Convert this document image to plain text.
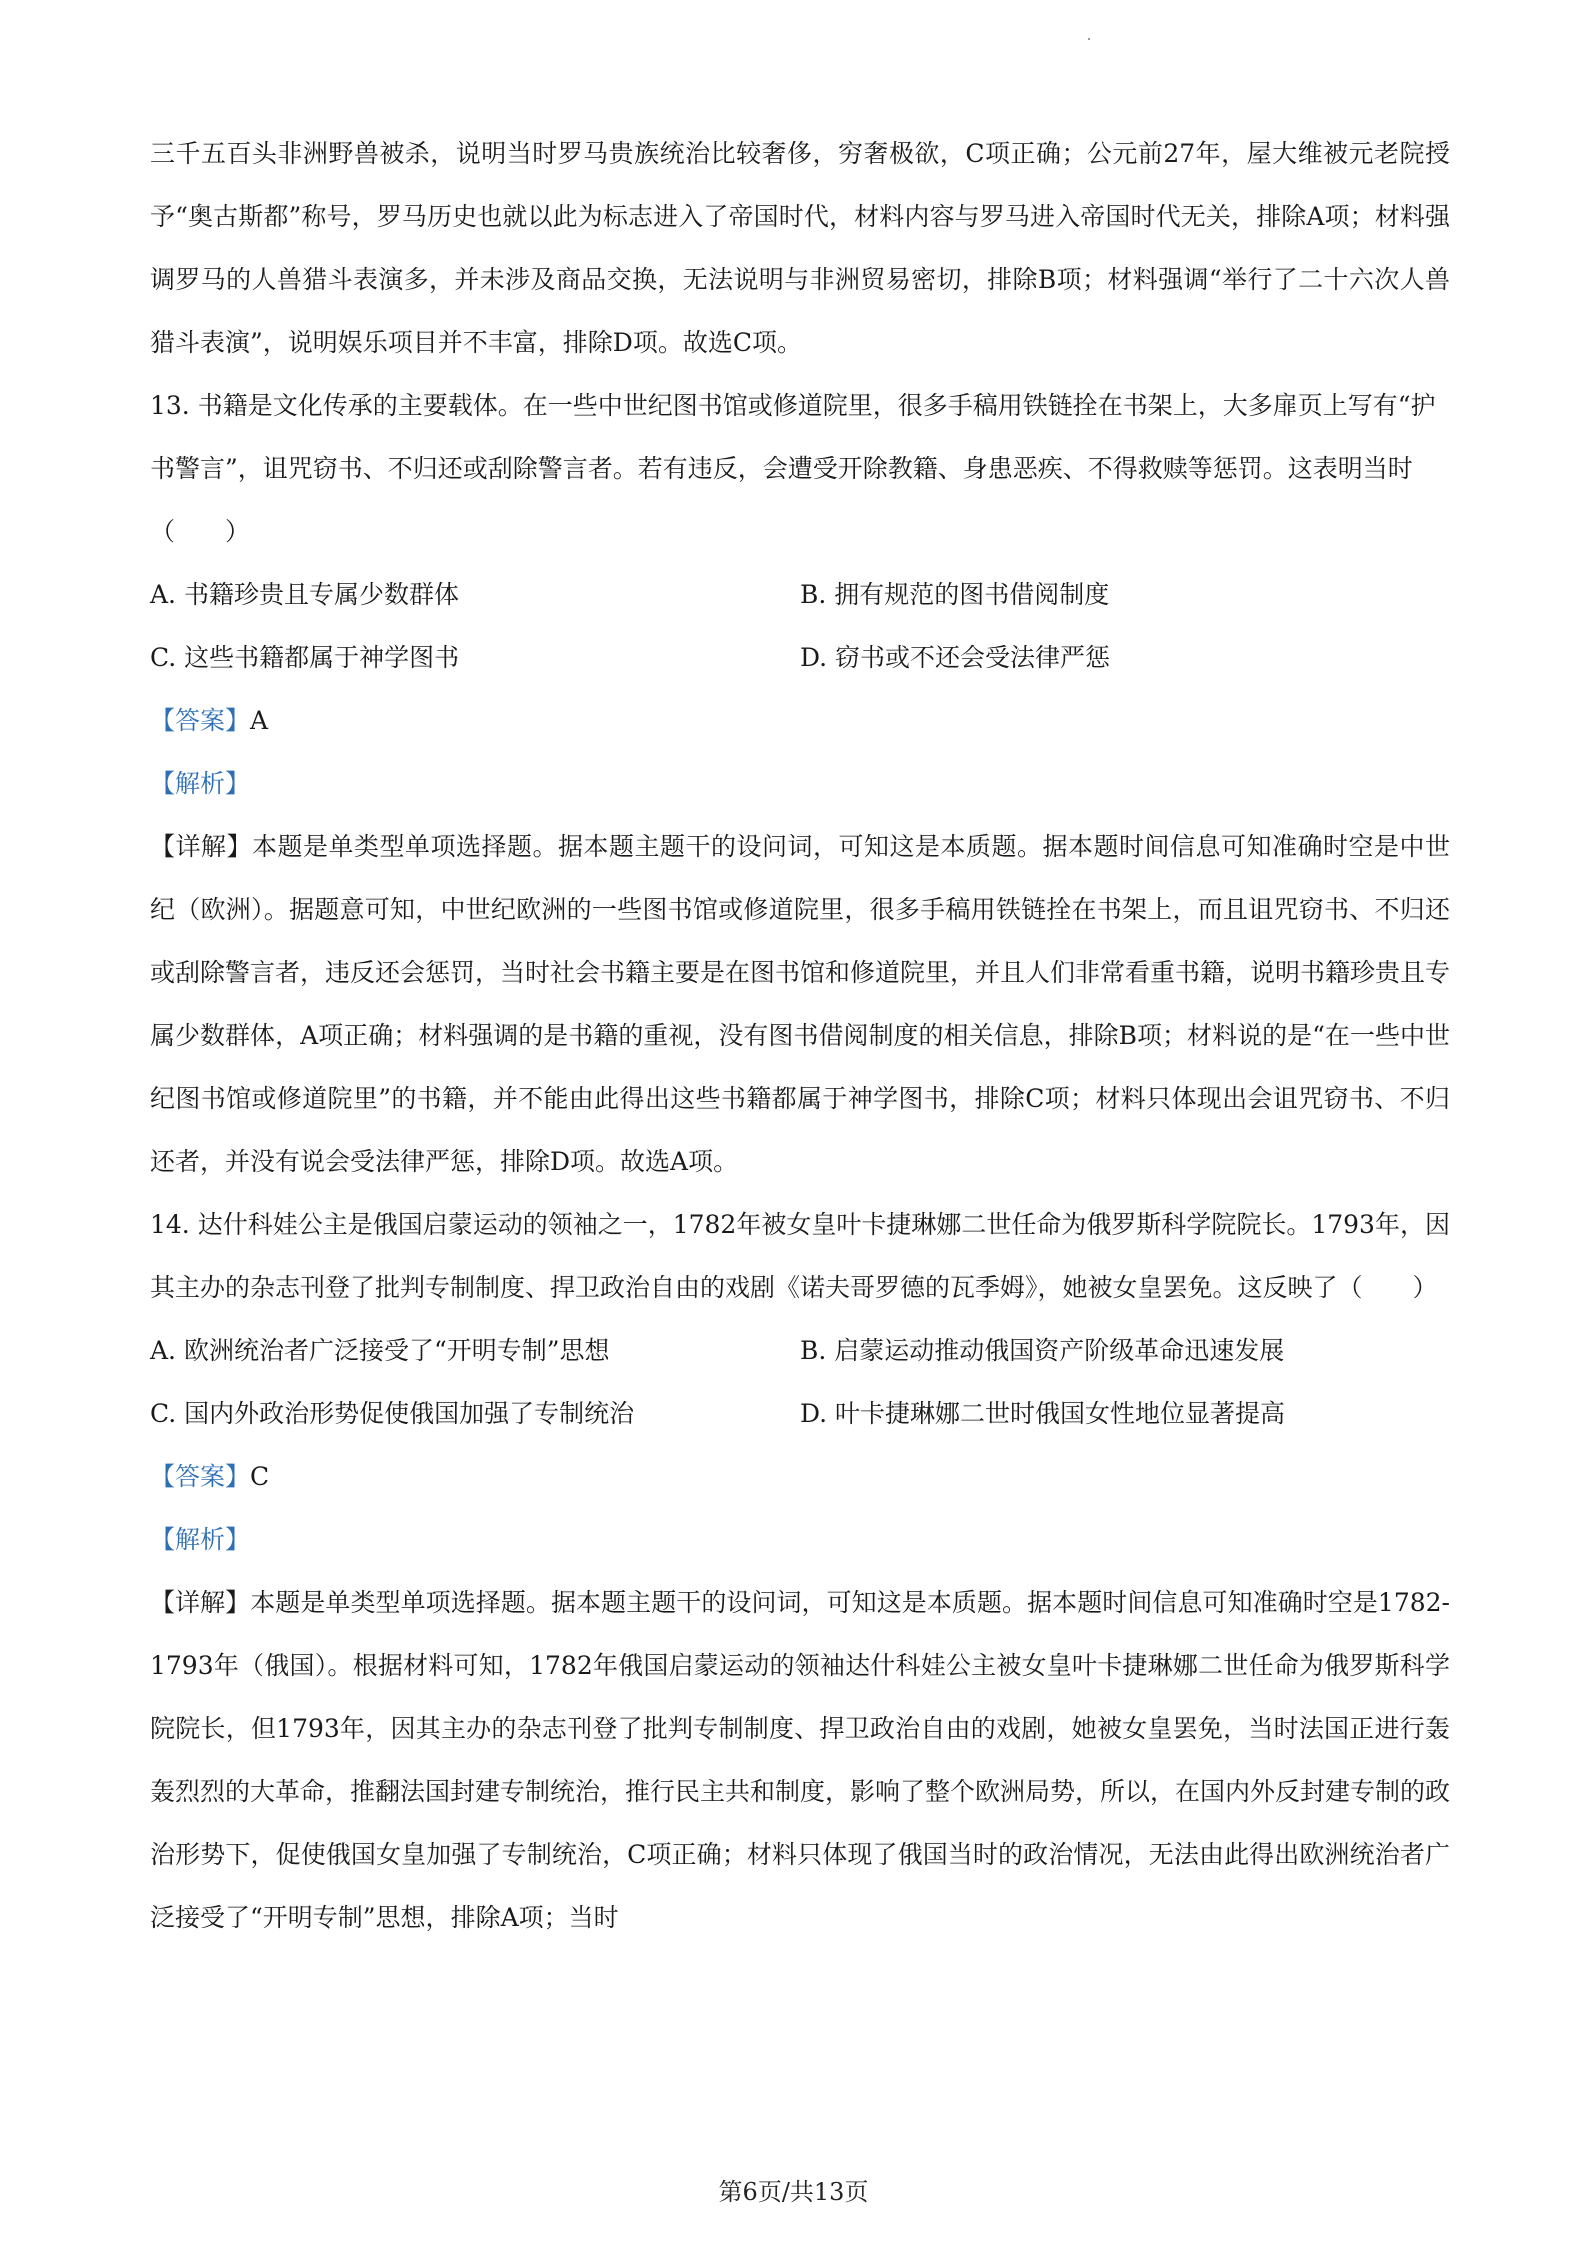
三千五百头非洲野兽被杀，说明当时罗马贵族统治比较奢侈，穷奢极欲，C项正确；公元前27年，屋大维被元老院授予“奥古斯都”称号，罗马历史也就以此为标志进入了帝国时代，材料内容与罗马进入帝国时代无关，排除A项；材料强调罗马的人兽猎斗表演多，并未涉及商品交换，无法说明与非洲贸易密切，排除B项；材料强调“举行了二十六次人兽猎斗表演”，说明娱乐项目并不丰富，排除D项。故选C项。

13. 书籍是文化传承的主要载体。在一些中世纪图书馆或修道院里，很多手稿用铁链拴在书架上，大多扉页上写有“护书警言”，诅咒窃书、不归还或刮除警言者。若有违反，会遭受开除教籍、身患恶疾、不得救赎等惩罚。这表明当时（　　）

A. 书籍珍贵且专属少数群体	B. 拥有规范的图书借阅制度

C. 这些书籍都属于神学图书	D. 窃书或不还会受法律严惩

【答案】A

【解析】

【详解】本题是单类型单项选择题。据本题主题干的设问词，可知这是本质题。据本题时间信息可知准确时空是中世纪（欧洲）。据题意可知，中世纪欧洲的一些图书馆或修道院里，很多手稿用铁链拴在书架上，而且诅咒窃书、不归还或刮除警言者，违反还会惩罚，当时社会书籍主要是在图书馆和修道院里，并且人们非常看重书籍，说明书籍珍贵且专属少数群体，A项正确；材料强调的是书籍的重视，没有图书借阅制度的相关信息，排除B项；材料说的是“在一些中世纪图书馆或修道院里”的书籍，并不能由此得出这些书籍都属于神学图书，排除C项；材料只体现出会诅咒窃书、不归还者，并没有说会受法律严惩，排除D项。故选A项。

14. 达什科娃公主是俄国启蒙运动的领袖之一，1782年被女皇叶卡捷琳娜二世任命为俄罗斯科学院院长。1793年，因其主办的杂志刊登了批判专制制度、捍卫政治自由的戏剧《诺夫哥罗德的瓦季姆》，她被女皇罢免。这反映了（　　）

A. 欧洲统治者广泛接受了“开明专制”思想	B. 启蒙运动推动俄国资产阶级革命迅速发展

C. 国内外政治形势促使俄国加强了专制统治	D. 叶卡捷琳娜二世时俄国女性地位显著提高

【答案】C

【解析】

【详解】本题是单类型单项选择题。据本题主题干的设问词，可知这是本质题。据本题时间信息可知准确时空是1782-1793年（俄国）。根据材料可知，1782年俄国启蒙运动的领袖达什科娃公主被女皇叶卡捷琳娜二世任命为俄罗斯科学院院长，但1793年，因其主办的杂志刊登了批判专制制度、捍卫政治自由的戏剧，她被女皇罢免，当时法国正进行轰轰烈烈的大革命，推翻法国封建专制统治，推行民主共和制度，影响了整个欧洲局势，所以，在国内外反封建专制的政治形势下，促使俄国女皇加强了专制统治，C项正确；材料只体现了俄国当时的政治情况，无法由此得出欧洲统治者广泛接受了“开明专制”思想，排除A项；当时

第6页/共13页
